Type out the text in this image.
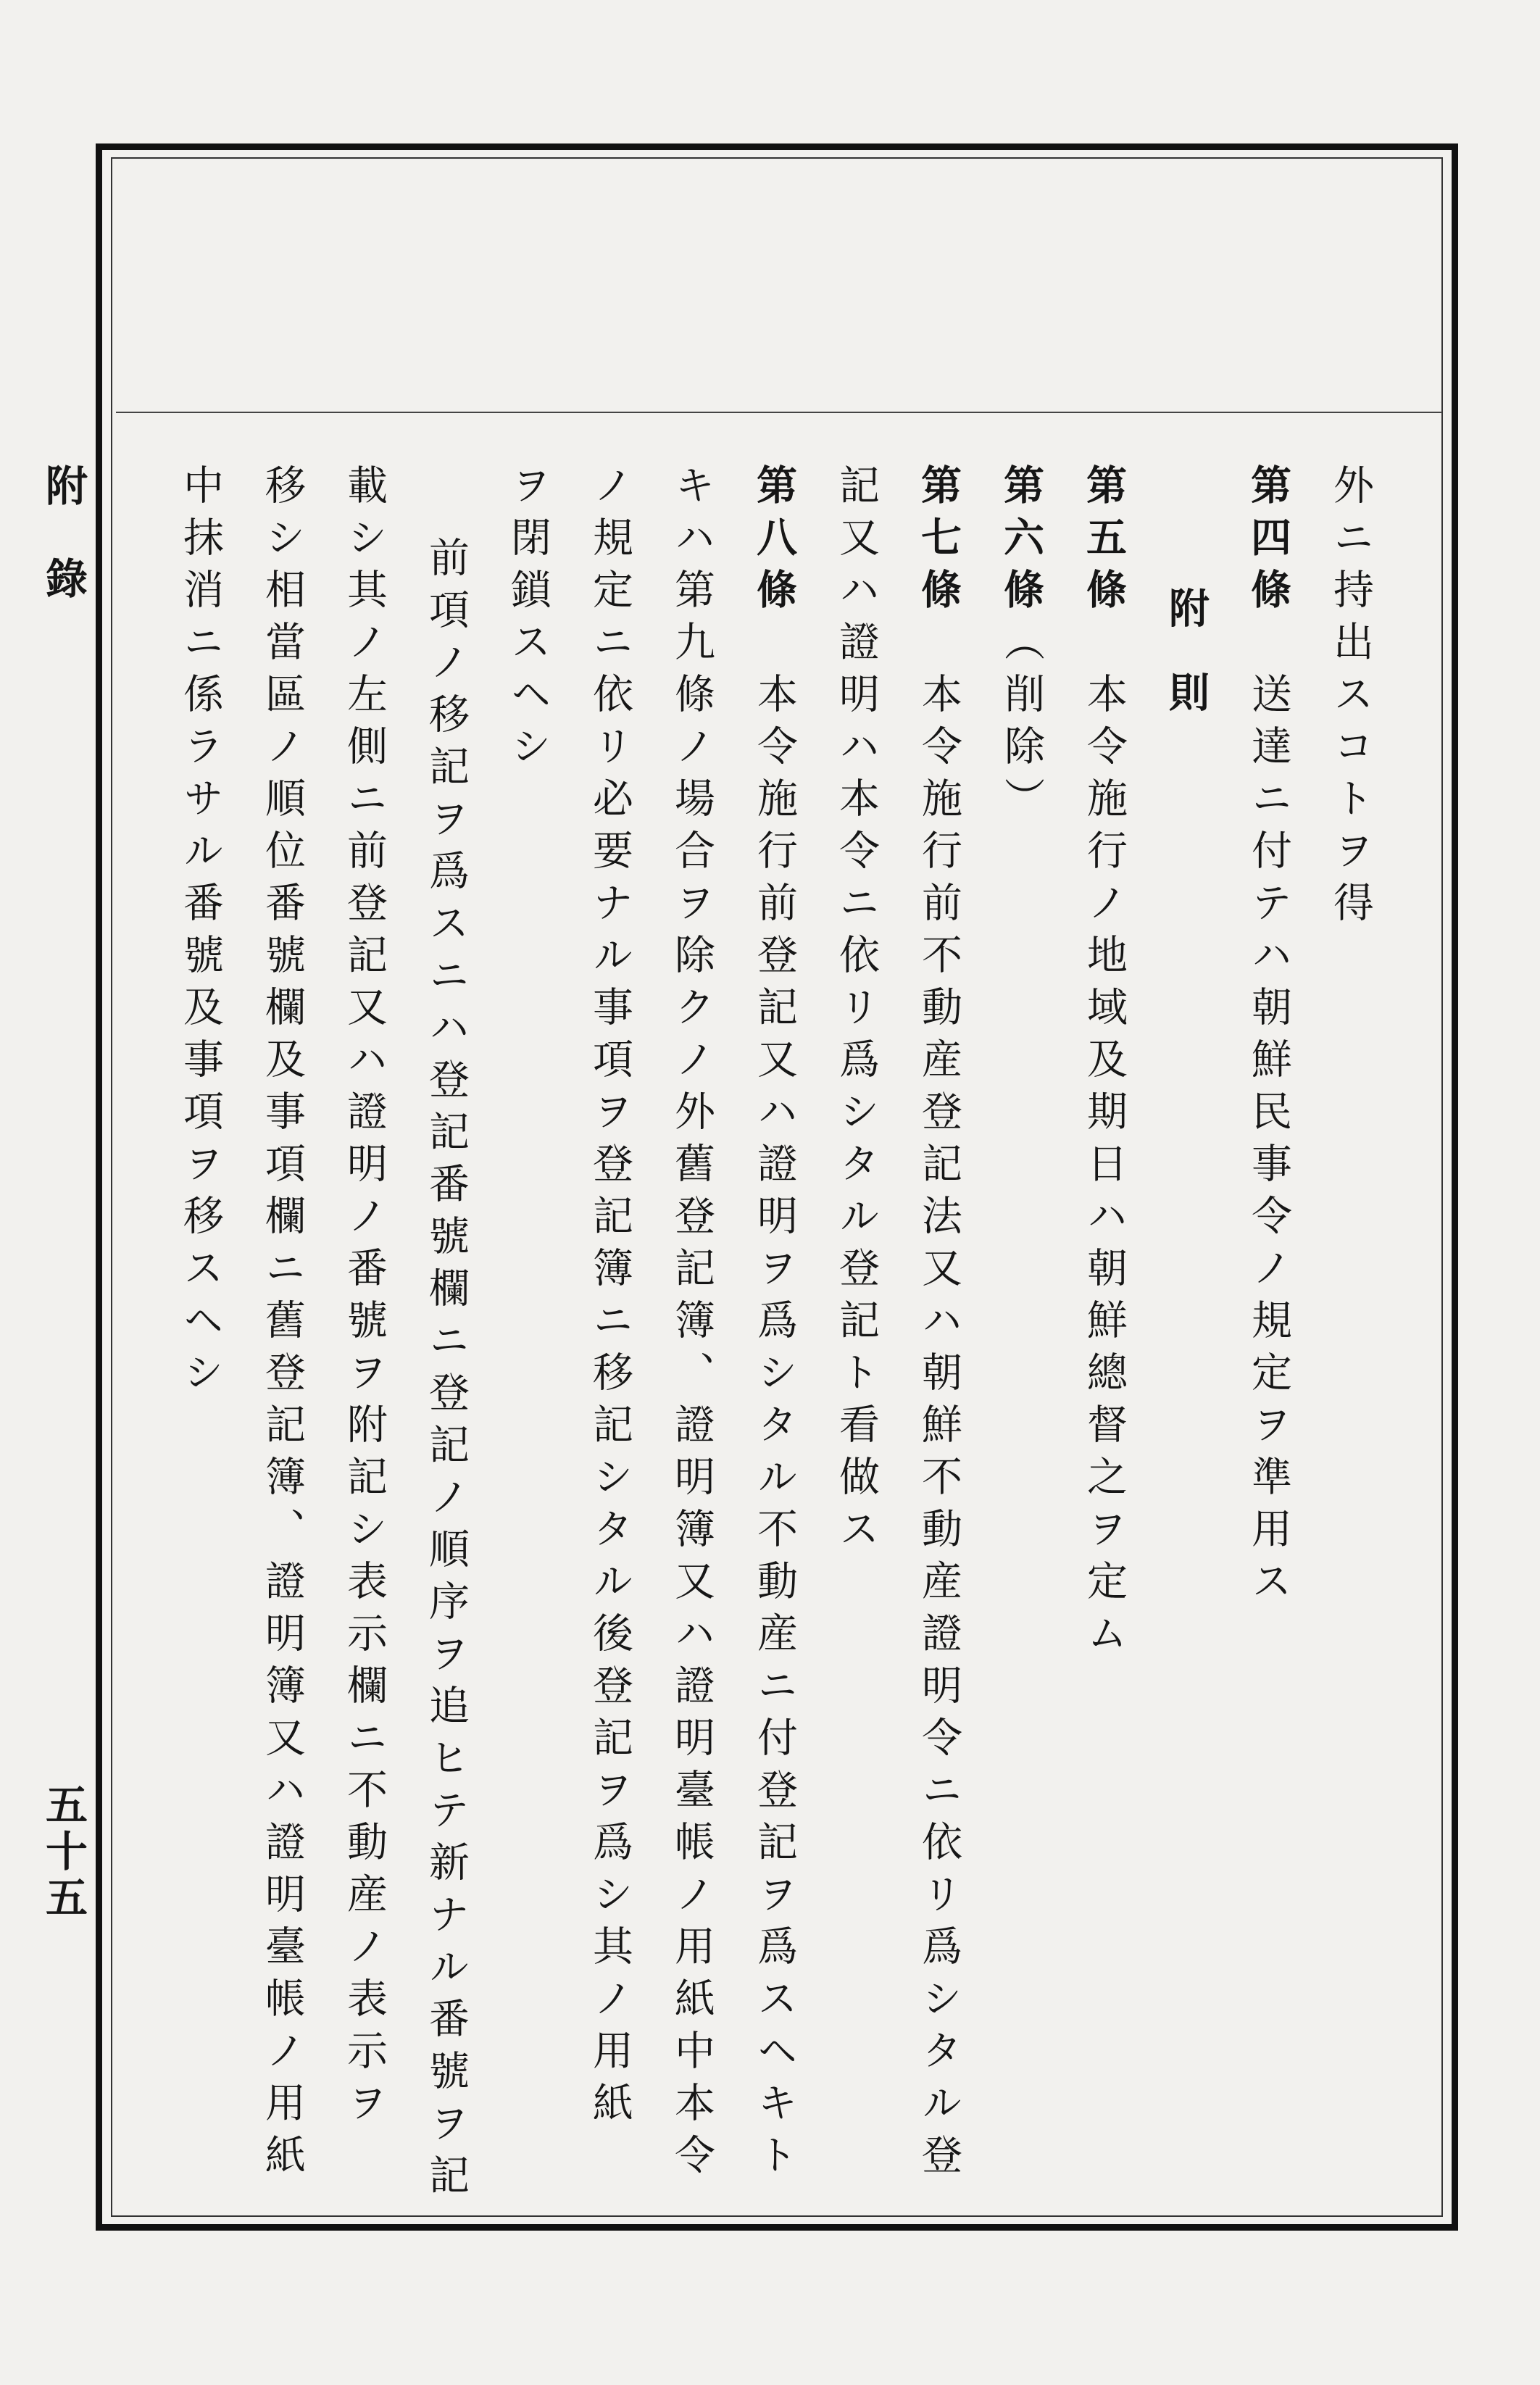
附錄
五十五
外ニ持出スコトヲ得
第四條　送達ニ付テハ朝鮮民事令ノ規定ヲ準用ス
附則
第五條　本令施行ノ地域及期日ハ朝鮮總督之ヲ定ム
第六條（削除）
第七條　本令施行前不動産登記法又ハ朝鮮不動産證明令ニ依リ爲シタル登
記又ハ證明ハ本令ニ依リ爲シタル登記ト看做ス
第八條　本令施行前登記又ハ證明ヲ爲シタル不動産ニ付登記ヲ爲スヘキト
キハ第九條ノ場合ヲ除クノ外舊登記簿、證明簿又ハ證明臺帳ノ用紙中本令
ノ規定ニ依リ必要ナル事項ヲ登記簿ニ移記シタル後登記ヲ爲シ其ノ用紙
ヲ閉鎖スヘシ
前項ノ移記ヲ爲スニハ登記番號欄ニ登記ノ順序ヲ追ヒテ新ナル番號ヲ記
載シ其ノ左側ニ前登記又ハ證明ノ番號ヲ附記シ表示欄ニ不動産ノ表示ヲ
移シ相當區ノ順位番號欄及事項欄ニ舊登記簿、證明簿又ハ證明臺帳ノ用紙
中抹消ニ係ラサル番號及事項ヲ移スヘシ
